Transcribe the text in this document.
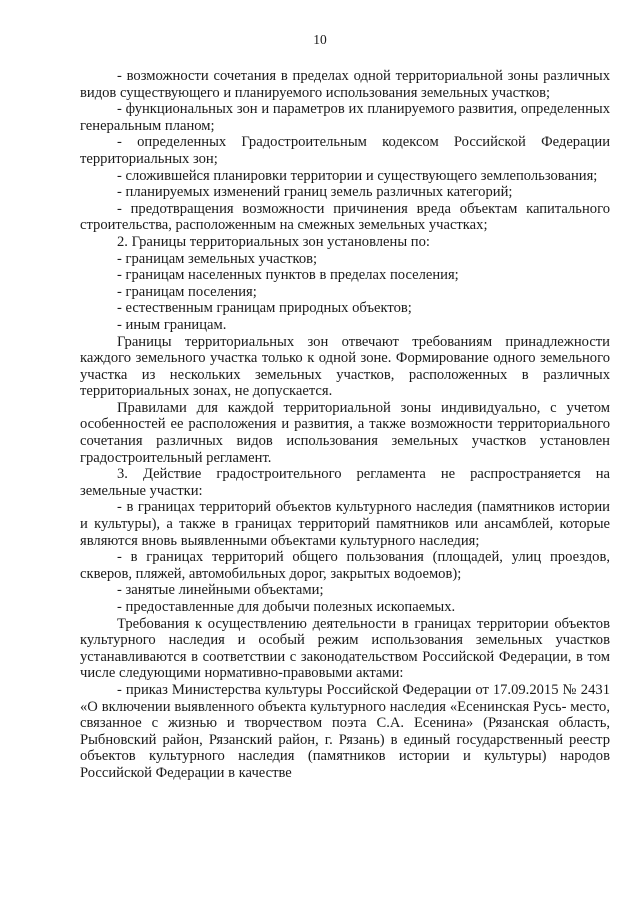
10

- возможности сочетания в пределах одной территориальной зоны различных видов существующего и планируемого использования земельных участков;

- функциональных зон и параметров их планируемого развития, определенных генеральным планом;

- определенных Градостроительным кодексом Российской Федерации территориальных зон;

- сложившейся планировки территории и существующего землепользования;

- планируемых изменений границ земель различных категорий;

- предотвращения возможности причинения вреда объектам капитального строительства, расположенным на смежных земельных участках;

2. Границы территориальных зон установлены по:

- границам земельных участков;

- границам населенных пунктов в пределах поселения;

- границам поселения;

- естественным границам природных объектов;

- иным границам.

Границы территориальных зон отвечают требованиям принадлежности каждого земельного участка только к одной зоне. Формирование одного земельного участка из нескольких земельных участков, расположенных в различных территориальных зонах, не допускается.

Правилами для каждой территориальной зоны индивидуально, с учетом особенностей ее расположения и развития, а также возможности территориального сочетания различных видов использования земельных участков установлен градостроительный регламент.

3. Действие градостроительного регламента не распространяется на земельные участки:

- в границах территорий объектов культурного наследия (памятников истории и культуры), а также в границах территорий памятников или ансамблей, которые являются вновь выявленными объектами культурного наследия;

- в границах территорий общего пользования (площадей, улиц проездов, скверов, пляжей, автомобильных дорог, закрытых водоемов);

- занятые линейными объектами;

- предоставленные для добычи полезных ископаемых.

Требования к осуществлению деятельности в границах территории объектов культурного наследия и особый режим использования земельных участков устанавливаются в соответствии с законодательством Российской Федерации, в том числе следующими нормативно-правовыми актами:

- приказ Министерства культуры Российской Федерации от 17.09.2015 № 2431 «О включении выявленного объекта культурного наследия «Есенинская Русь- место, связанное с жизнью и творчеством поэта С.А. Есенина» (Рязанская область, Рыбновский район, Рязанский район, г. Рязань) в единый государственный реестр объектов культурного наследия (памятников истории и культуры) народов Российской Федерации в качестве
